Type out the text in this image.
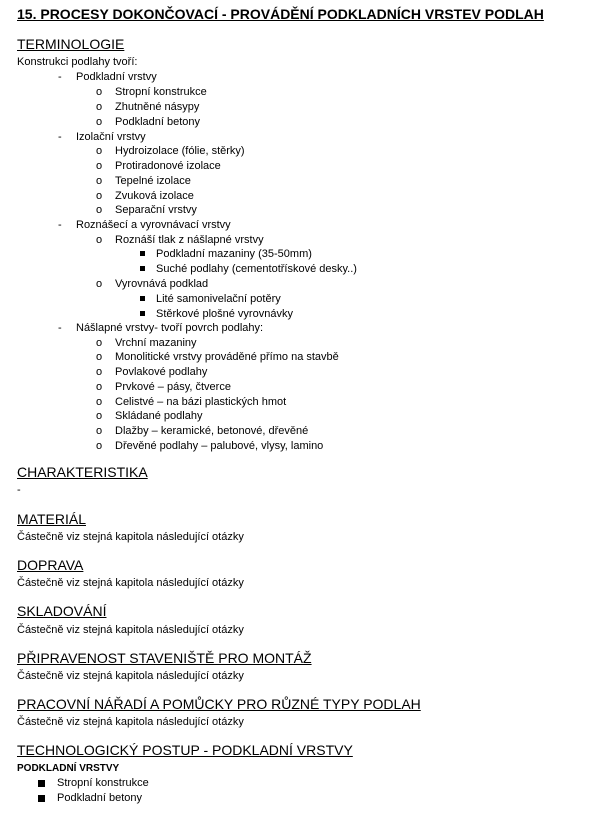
15. PROCESY DOKONČOVACÍ - PROVÁDĚNÍ PODKLADNÍCH VRSTEV PODLAH
TERMINOLOGIE
Konstrukci podlahy tvoří:
- Podkladní vrstvy
o Stropní konstrukce
o Zhutněné násypy
o Podkladní betony
- Izolační vrstvy
o Hydroizolace (fólie, stěrky)
o Protiradonové izolace
o Tepelné izolace
o Zvuková izolace
o Separační vrstvy
- Roznášecí a vyrovnávací vrstvy
o Roznáší tlak z nášlapné vrstvy
Podkladní mazaniny (35-50mm)
Suché podlahy (cementotřískové desky..)
o Vyrovnává podklad
Lité samonivelační potěry
Stěrkové plošné vyrovnávky
- Nášlapné vrstvy- tvoří povrch podlahy:
o Vrchní mazaniny
o Monolitické vrstvy prováděné přímo na stavbě
o Povlakové podlahy
o Prvkové – pásy, čtverce
o Celistvé – na bázi plastických hmot
o Skládané podlahy
o Dlažby – keramické, betonové, dřevěné
o Dřevěné podlahy – palubové, vlysy, lamino
CHARAKTERISTIKA
-
MATERIÁL
Částečně viz stejná kapitola následující otázky
DOPRAVA
Částečně viz stejná kapitola následující otázky
SKLADOVÁNÍ
Částečně viz stejná kapitola následující otázky
PŘIPRAVENOST STAVENIŠTĚ PRO MONTÁŽ
Částečně viz stejná kapitola následující otázky
PRACOVNÍ NÁŘADÍ A POMŮCKY PRO RŮZNÉ TYPY PODLAH
Částečně viz stejná kapitola následující otázky
TECHNOLOGICKÝ POSTUP - PODKLADNÍ VRSTVY
PODKLADNÍ VRSTVY
Stropní konstrukce
Podkladní betony
